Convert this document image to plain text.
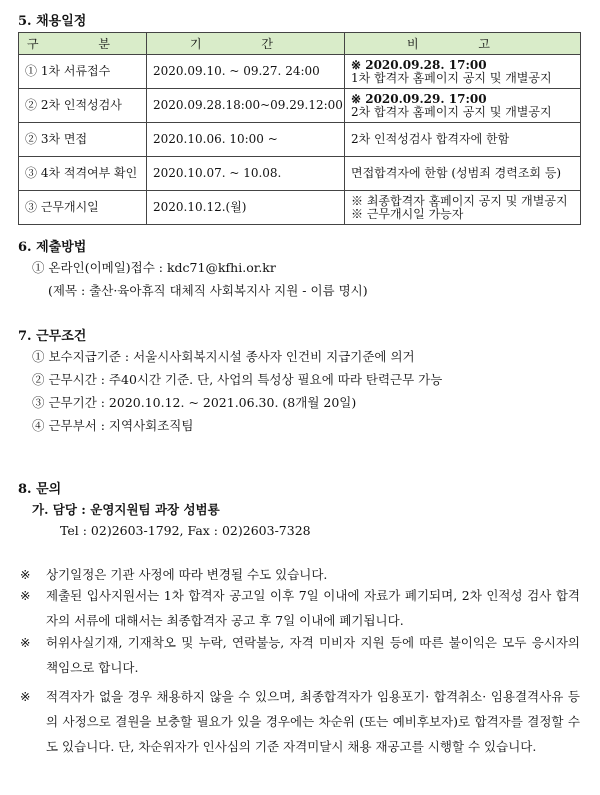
5. 채용일정
구 분	기 간	비 고
① 1차 서류접수	2020.09.10. ~ 09.27. 24:00	※ 2020.09.28. 17:00
1차 합격자 홈페이지 공지 및 개별공지

② 2차 인적성검사	2020.09.28.18:00~09.29.12:00	※ 2020.09.29. 17:00
2차 합격자 홈페이지 공지 및 개별공지

② 3차 면접	2020.10.06. 10:00 ~	2차 인적성검사 합격자에 한함
③ 4차 적격여부 확인	2020.10.07. ~ 10.08.	면접합격자에 한함 (성범죄 경력조회 등)
③ 근무개시일	2020.10.12.(월)	※ 최종합격자 홈페이지 공지 및 개별공지
※ 근무개시일 가능자
6. 제출방법
① 온라인(이메일)접수 : kdc71@kfhi.or.kr
(제목 : 출산·육아휴직 대체직 사회복지사 지원 - 이름 명시)
7. 근무조건
① 보수지급기준 : 서울시사회복지시설 종사자 인건비 지급기준에 의거
② 근무시간 : 주40시간 기준. 단, 사업의 특성상 필요에 따라 탄력근무 가능
③ 근무기간 : 2020.10.12. ~ 2021.06.30. (8개월 20일)
④ 근무부서 : 지역사회조직팀
8. 문의
가. 담당 : 운영지원팀 과장 성범룡
Tel : 02)2603-1792, Fax : 02)2603-7328
※ 상기일정은 기관 사정에 따라 변경될 수도 있습니다.
※ 제출된 입사지원서는 1차 합격자 공고일 이후 7일 이내에 자료가 폐기되며, 2차 인적성 검사 합격자의 서류에 대해서는 최종합격자 공고 후 7일 이내에 폐기됩니다.
※ 허위사실기재, 기재착오 및 누락, 연락불능, 자격 미비자 지원 등에 따른 불이익은 모두 응시자의 책임으로 합니다.
※ 적격자가 없을 경우 채용하지 않을 수 있으며, 최종합격자가 임용포기· 합격취소· 임용결격사유 등의 사정으로 결원을 보충할 필요가 있을 경우에는 차순위 (또는 예비후보자)로 합격자를 결정할 수도 있습니다. 단, 차순위자가 인사심의 기준 자격미달시 채용 재공고를 시행할 수 있습니다.
